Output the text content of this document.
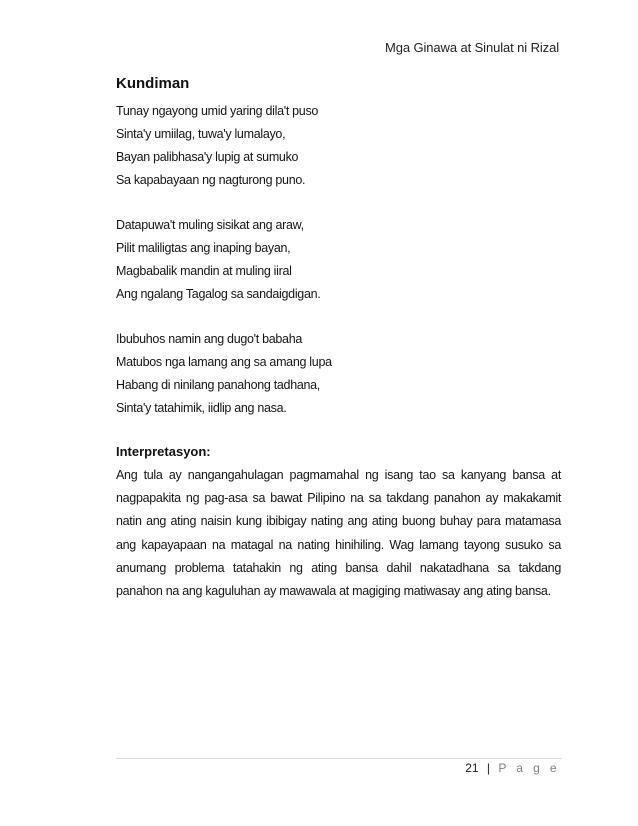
Mga Ginawa at Sinulat ni Rizal
Kundiman
Tunay ngayong umid yaring dila't puso
Sinta'y umiilag, tuwa'y lumalayo,
Bayan palibhasa'y lupig at sumuko
Sa kapabayaan ng nagturong puno.
Datapuwa't muling sisikat ang araw,
Pilit maliligtas ang inaping bayan,
Magbabalik mandin at muling iiral
Ang ngalang Tagalog sa sandaigdigan.
Ibubuhos namin ang dugo't babaha
Matubos nga lamang ang sa amang lupa
Habang di ninilang panahong tadhana,
Sinta'y tatahimik, iidlip ang nasa.
Interpretasyon:

Ang tula ay nangangahulagan pagmamahal ng isang tao sa kanyang bansa at nagpapakita ng pag-asa sa bawat Pilipino na sa takdang panahon ay makakamit natin ang ating naisin kung ibibigay nating ang ating buong buhay para matamasa ang kapayapaan na matagal na nating hinihiling. Wag lamang tayong susuko sa anumang problema tatahakin ng ating bansa dahil nakatadhana sa takdang panahon na ang kaguluhan ay mawawala at magiging matiwasay ang ating bansa.

21 | P a g e
